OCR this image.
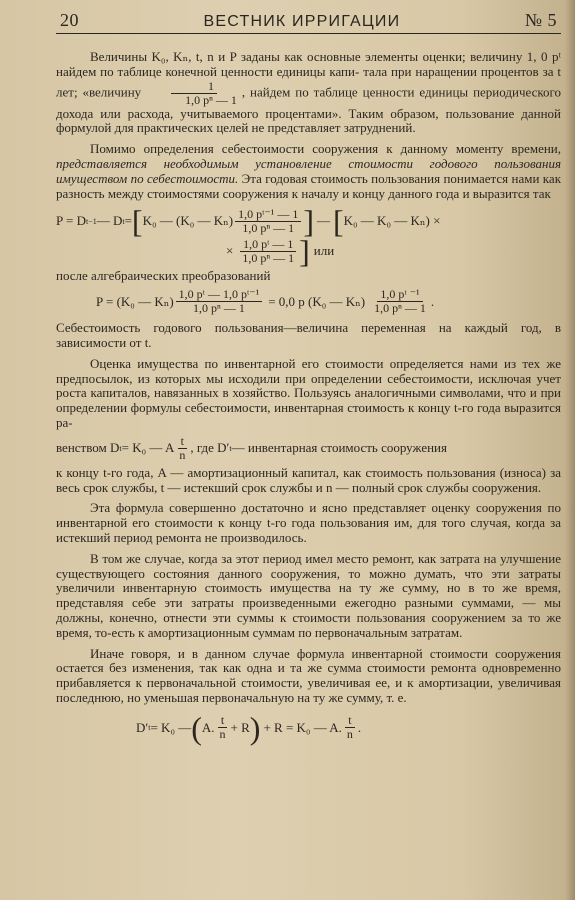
20	ВЕСТНИК ИРРИГАЦИИ	№ 5

Величины K₀, Kₙ, t, n и P заданы как основные элементы оценки; величину 1, 0 pᵗ найдем по таблице конечной ценности единицы капи- тала при наращении процентов за t лет; «величину $\frac{1}{\text{1,0 pⁿ — 1}}$ , найдем по таблице ценности единицы периодического дохода или расхода, учитываемого процентами». Таким образом, пользование данной формулой для практических целей не представляет затруднений.

Помимо определения себестоимости сооружения к данному моменту времени, представляется необходимым установление стоимости годового пользования имуществом по себестоимости. Эта годовая стоимость пользования понимается нами как разность между стоимостями сооружения к началу и концу данного года и выразится так

P = D t−1 — D t = [ K₀ — (K₀ — Kₙ) 1,0 pᵗ⁻¹ — 1
1,0 pⁿ — 1 ] — [ K₀ — K₀ — Kₙ) ×
× $\frac{\text{1,0 pᵗ — 1}}{\text{1,0 pⁿ — 1}}$ ] или

после алгебраических преобразований

P = (K₀ — $K_n) \frac{\text{1,0 pᵗ — 1,0 pᵗ⁻¹}}{\text{1,0 pⁿ — 1}} = 0,0$ p (K₀ — Kₙ) 1,0 pᵗ ⁻¹
1,0 pⁿ — 1 .

Себестоимость годового пользования—величина переменная на каждый год, в зависимости от t.

Оценка имущества по инвентарной его стоимости определяется нами из тех же предпосылок, из которых мы исходили при определении себестоимости, исключая учет роста капиталов, навязанных в хозяйство. Пользуясь аналогичными символами, что и при определении формулы себестоимости, инвентарная стоимость к концу t-го года выразится ра-

венством D t = K₀ — A t
n , где D′ t — инвентарная стоимость сооружения

к концу t-го года, A — амортизационный капитал, как стоимость пользования (износа) за весь срок службы, t — истекший срок службы и n — полный срок службы сооружения.

Эта формула совершенно достаточно и ясно представляет оценку сооружения по инвентарной его стоимости к концу t-го года пользования им, для того случая, когда за истекший период ремонта не производилось.

В том же случае, когда за этот период имел место ремонт, как затрата на улучшение существующего состояния данного сооружения, то можно думать, что эти затраты увеличили инвентарную стоимость имущества на ту же сумму, но в то же время, представляя себе эти затраты произведенными ежегодно разными суммами, — мы должны, конечно, отнести эти суммы к стоимости пользования сооружением за то же время, то-есть к амортизационным суммам по первоначальным затратам.

Иначе говоря, и в данном случае формула инвентарной стоимости сооружения остается без изменения, так как одна и та же сумма стоимости ремонта одновременно прибавляется к первоначальной стоимости, увеличивая ее, и к амортизации, увеличивая последнюю, но уменьшая первоначальную на ту же сумму, т. е.

D′ t = K₀ — ( A. t
n + R ) + R = K₀ — A. t
n .
